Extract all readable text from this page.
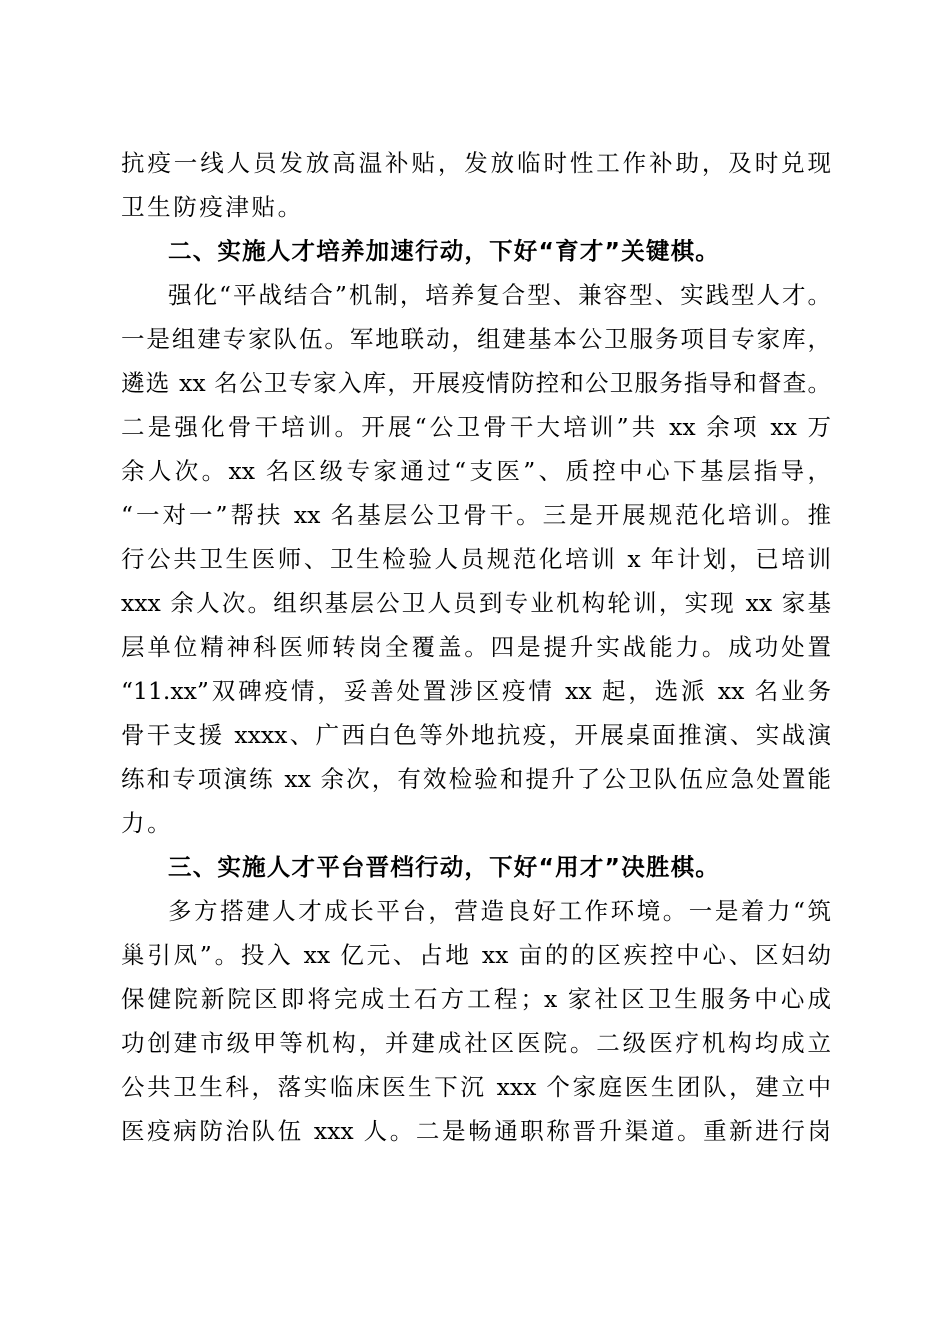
抗疫一线人员发放高温补贴，发放临时性工作补助，及时兑现
卫生防疫津贴。
二、实施人才培养加速行动，下好“育才”关键棋。
强化“平战结合”机制，培养复合型、兼容型、实践型人才。
一是组建专家队伍。军地联动，组建基本公卫服务项目专家库，
遴选 xx 名公卫专家入库，开展疫情防控和公卫服务指导和督查。
二是强化骨干培训。开展“公卫骨干大培训”共 xx 余项 xx 万
余人次。xx 名区级专家通过“支医”、质控中心下基层指导，
“一对一”帮扶 xx 名基层公卫骨干。三是开展规范化培训。推
行公共卫生医师、卫生检验人员规范化培训 x 年计划，已培训
xxx 余人次。组织基层公卫人员到专业机构轮训，实现 xx 家基
层单位精神科医师转岗全覆盖。四是提升实战能力。成功处置
“11.xx”双碑疫情，妥善处置涉区疫情 xx 起，选派 xx 名业务
骨干支援 xxxx、广西白色等外地抗疫，开展桌面推演、实战演
练和专项演练 xx 余次，有效检验和提升了公卫队伍应急处置能
力。
三、实施人才平台晋档行动，下好“用才”决胜棋。
多方搭建人才成长平台，营造良好工作环境。一是着力“筑
巢引凤”。投入 xx 亿元、占地 xx 亩的的区疾控中心、区妇幼
保健院新院区即将完成土石方工程；x 家社区卫生服务中心成
功创建市级甲等机构，并建成社区医院。二级医疗机构均成立
公共卫生科，落实临床医生下沉 xxx 个家庭医生团队，建立中
医疫病防治队伍 xxx 人。二是畅通职称晋升渠道。重新进行岗
